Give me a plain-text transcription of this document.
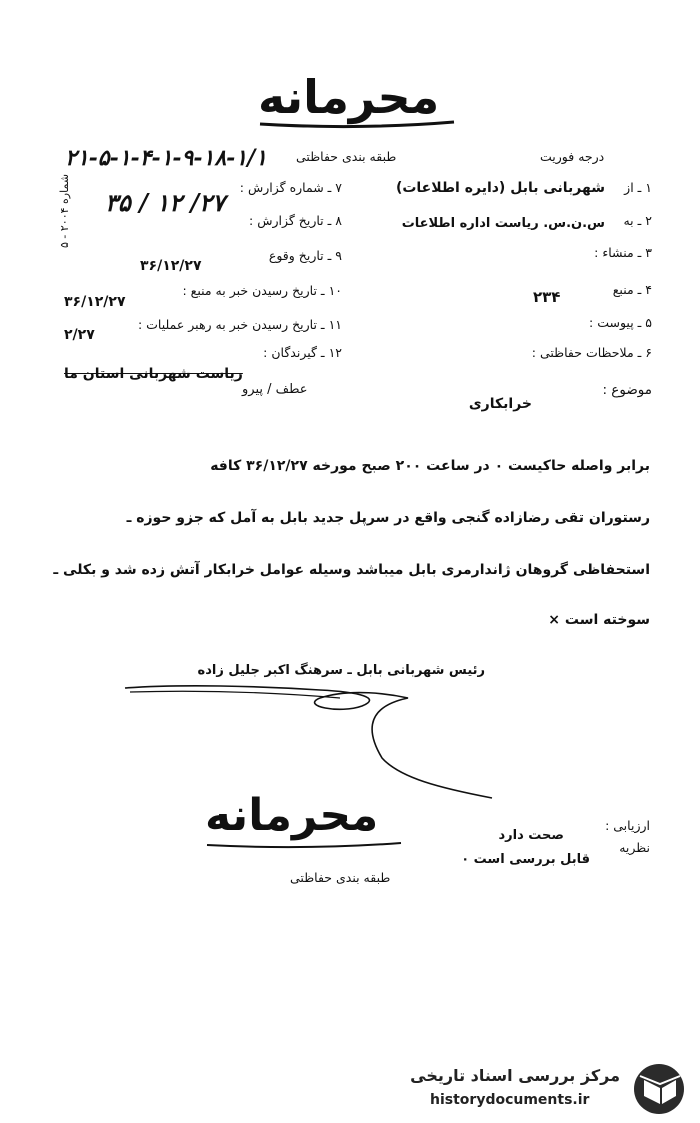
محرمانه
طبقه بندی حفاظتی	درجه فوریت
۲۱-۵-۱-۴-۱-۹-۱۸-۱/۱
شماره ۲۰۰۴ - ۵	۱ ـ از
شهربانی بابل (دایره اطلاعات)
۲ ـ به
س.ن.س. ریاست اداره اطلاعات
۳ ـ منشاء :
۴ ـ منبع
۲۳۴
۵ ـ پیوست :
۶ ـ ملاحظات حفاظتی :
۷ ـ شماره گزارش :
۲۷/ ۱۲ / ۳۵
۸ ـ تاریخ گزارش :
۹ ـ تاریخ وقوع
۳۶/۱۲/۲۷
۱۰ ـ تاریخ رسیدن خبر به منبع :
۳۶/۱۲/۲۷
۱۱ ـ تاریخ رسیدن خبر به رهبر عملیات :
۲/۲۷
۱۲ ـ گیرندگان :
ریاست شهربانی استان ما
موضوع :
خرابکاری
عطف / پیرو
برابر واصله حاکیست ۰ در ساعت ۲۰۰ صبح مورخه ۳۶/۱۲/۲۷ کافه
رستوران تقی رضازاده گنجی واقع در سرپل جدید بابل به آمل که جزو حوزه ـ
استحفاظی گروهان ژاندارمری بابل میباشد وسیله عوامل خرابکار آتش زده شد و بکلی ـ
سوخته است ×
رئیس شهربانی بابل ـ سرهنگ اکبر جلیل زاده
محرمانه
طبقه بندی حفاظتی
ارزیابی :
نظریه
صحت دارد
قابل بررسی است ۰
مرکز بررسی اسناد تاریخی
historydocuments.ir
